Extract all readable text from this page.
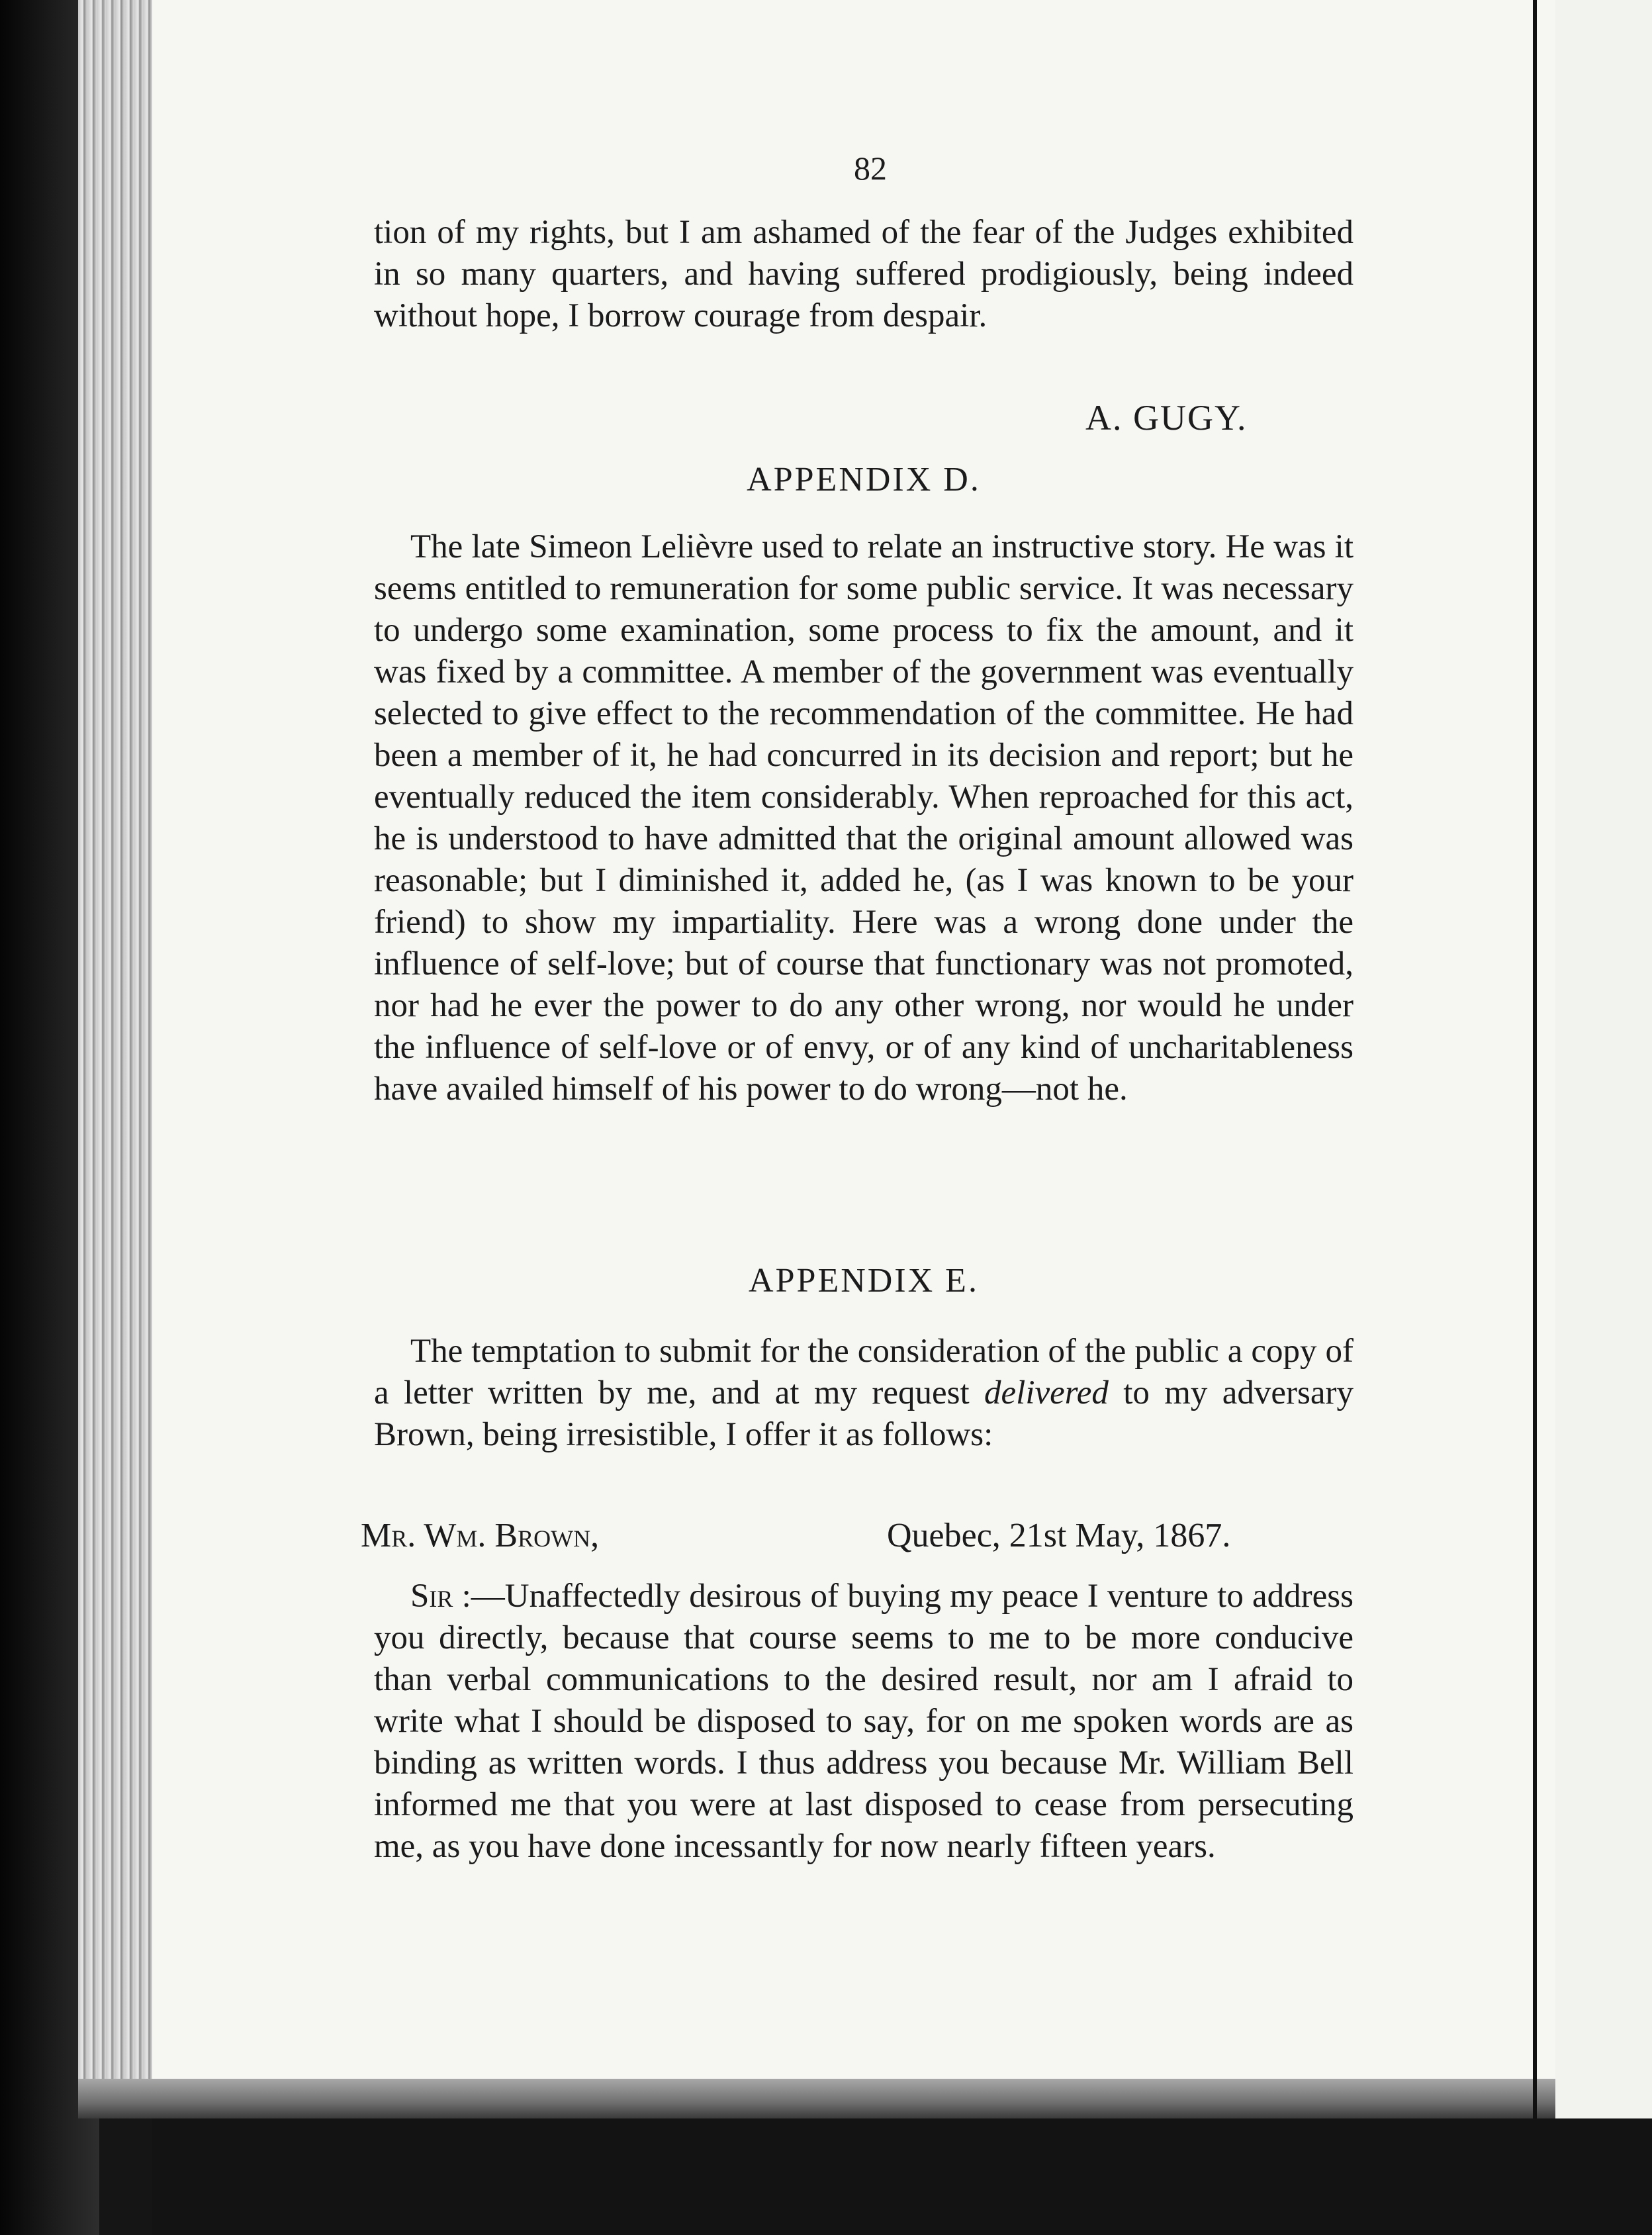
82

tion of my rights, but I am ashamed of the fear of the Judges exhibited in so many quarters, and having suffered prodigiously, being indeed without hope, I borrow courage from despair.

A. GUGY.
APPENDIX D.

The late Simeon Lelièvre used to relate an instructive story. He was it seems entitled to remuneration for some public service. It was necessary to undergo some examination, some process to fix the amount, and it was fixed by a committee. A member of the government was eventually selected to give effect to the recommendation of the committee. He had been a member of it, he had concurred in its decision and report; but he eventually reduced the item considerably. When reproached for this act, he is understood to have admitted that the original amount allowed was reasonable; but I diminished it, added he, (as I was known to be your friend) to show my impartiality. Here was a wrong done under the influence of self-love; but of course that functionary was not promoted, nor had he ever the power to do any other wrong, nor would he under the influence of self-love or of envy, or of any kind of uncharitableness have availed himself of his power to do wrong—not he.

APPENDIX E.

The temptation to submit for the consideration of the public a copy of a letter written by me, and at my request delivered to my adversary Brown, being irresistible, I offer it as follows:

Mr. Wm. Brown,	Quebec, 21st May, 1867.

Sir :—Unaffectedly desirous of buying my peace I venture to address you directly, because that course seems to me to be more conducive than verbal communications to the desired result, nor am I afraid to write what I should be disposed to say, for on me spoken words are as binding as written words. I thus address you because Mr. William Bell informed me that you were at last disposed to cease from persecuting me, as you have done incessantly for now nearly fifteen years.
